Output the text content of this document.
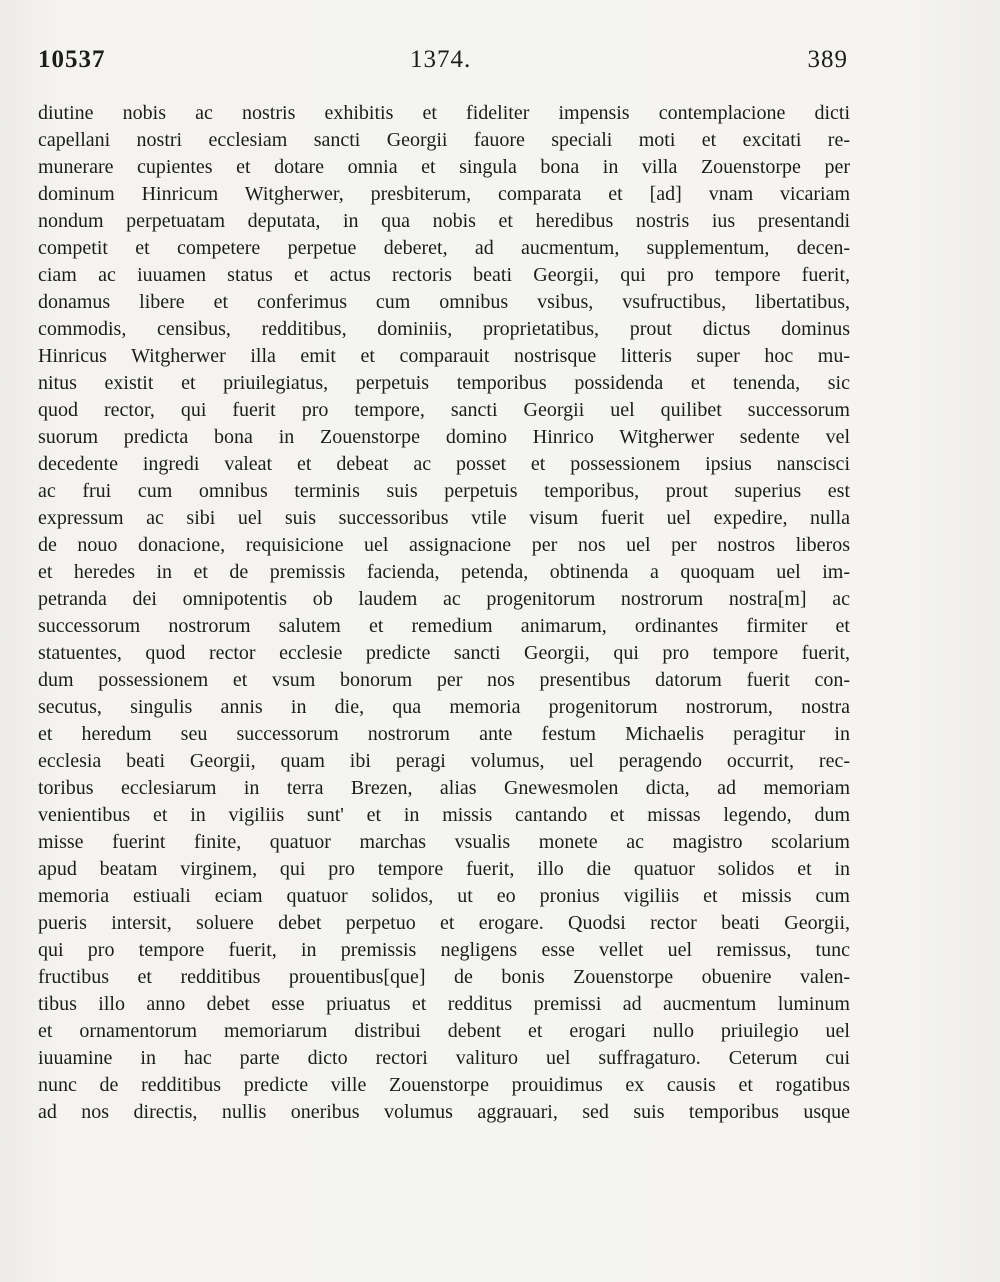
10537	1374.	389
diutine nobis ac nostris exhibitis et fideliter impensis contemplacione dicti
capellani nostri ecclesiam sancti Georgii fauore speciali moti et excitati re-
munerare cupientes et dotare omnia et singula bona in villa Zouenstorpe per
dominum Hinricum Witgherwer, presbiterum, comparata et [ad] vnam vicariam
nondum perpetuatam deputata, in qua nobis et heredibus nostris ius presentandi
competit et competere perpetue deberet, ad aucmentum, supplementum, decen-
ciam ac iuuamen status et actus rectoris beati Georgii, qui pro tempore fuerit,
donamus libere et conferimus cum omnibus vsibus, vsufructibus, libertatibus,
commodis, censibus, redditibus, dominiis, proprietatibus, prout dictus dominus
Hinricus Witgherwer illa emit et comparauit nostrisque litteris super hoc mu-
nitus existit et priuilegiatus, perpetuis temporibus possidenda et tenenda, sic
quod rector, qui fuerit pro tempore, sancti Georgii uel quilibet successorum
suorum predicta bona in Zouenstorpe domino Hinrico Witgherwer sedente vel
decedente ingredi valeat et debeat ac posset et possessionem ipsius nanscisci
ac frui cum omnibus terminis suis perpetuis temporibus, prout superius est
expressum ac sibi uel suis successoribus vtile visum fuerit uel expedire, nulla
de nouo donacione, requisicione uel assignacione per nos uel per nostros liberos
et heredes in et de premissis facienda, petenda, obtinenda a quoquam uel im-
petranda dei omnipotentis ob laudem ac progenitorum nostrorum nostra[m] ac
successorum nostrorum salutem et remedium animarum, ordinantes firmiter et
statuentes, quod rector ecclesie predicte sancti Georgii, qui pro tempore fuerit,
dum possessionem et vsum bonorum per nos presentibus datorum fuerit con-
secutus, singulis annis in die, qua memoria progenitorum nostrorum, nostra
et heredum seu successorum nostrorum ante festum Michaelis peragitur in
ecclesia beati Georgii, quam ibi peragi volumus, uel peragendo occurrit, rec-
toribus ecclesiarum in terra Brezen, alias Gnewesmolen dicta, ad memoriam
venientibus et in vigiliis sunt' et in missis cantando et missas legendo, dum
misse fuerint finite, quatuor marchas vsualis monete ac magistro scolarium
apud beatam virginem, qui pro tempore fuerit, illo die quatuor solidos et in
memoria estiuali eciam quatuor solidos, ut eo pronius vigiliis et missis cum
pueris intersit, soluere debet perpetuo et erogare. Quodsi rector beati Georgii,
qui pro tempore fuerit, in premissis negligens esse vellet uel remissus, tunc
fructibus et redditibus prouentibus[que] de bonis Zouenstorpe obuenire valen-
tibus illo anno debet esse priuatus et redditus premissi ad aucmentum luminum
et ornamentorum memoriarum distribui debent et erogari nullo priuilegio uel
iuuamine in hac parte dicto rectori valituro uel suffragaturo. Ceterum cui
nunc de redditibus predicte ville Zouenstorpe prouidimus ex causis et rogatibus
ad nos directis, nullis oneribus volumus aggrauari, sed suis temporibus usque
